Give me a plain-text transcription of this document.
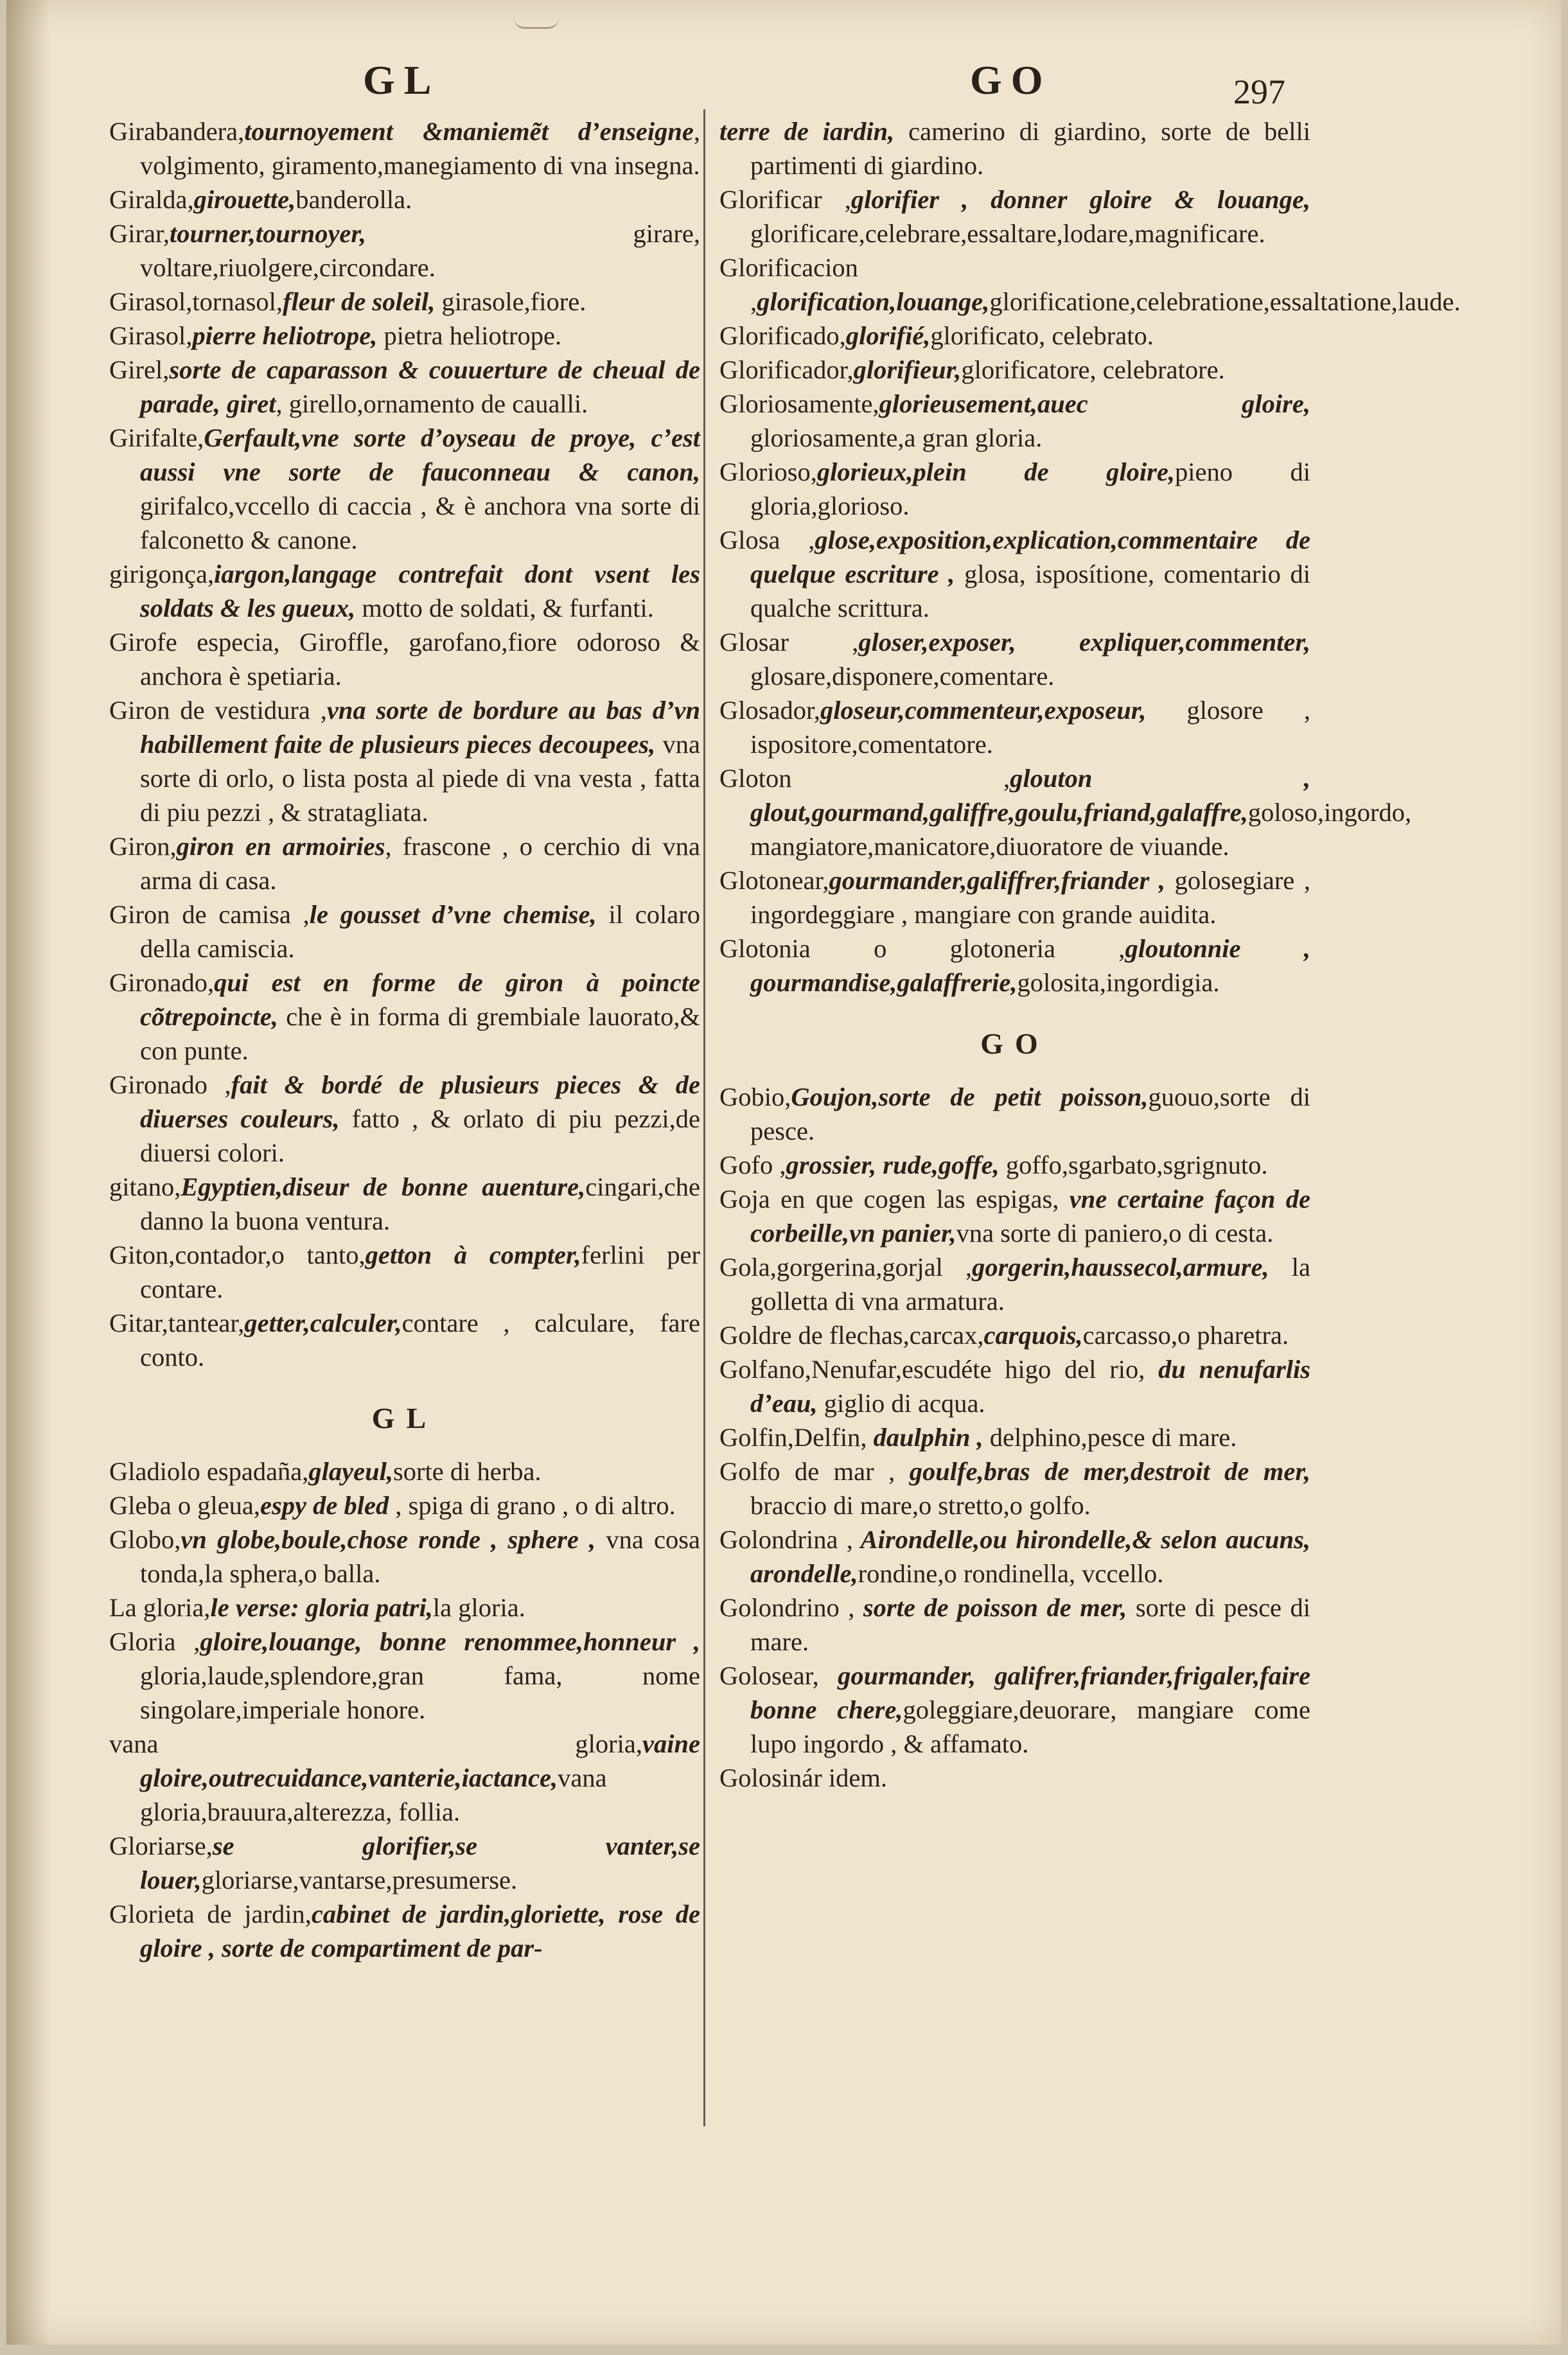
GL	GO	297
Girabandera,tournoyement &maniemẽt d’enseigne, volgimento, giramento,manegiamento di vna insegna.
Giralda,girouette,banderolla.
Girar,tourner,tournoyer, girare, voltare,riuolgere,circondare.
Girasol,tornasol,fleur de soleil, girasole,fiore.
Girasol,pierre heliotrope, pietra heliotrope.
Girel,sorte de caparasson & couuerture de cheual de parade, giret, girello,ornamento de caualli.
Girifalte,Gerfault,vne sorte d’oyseau de proye, c’est aussi vne sorte de fauconneau & canon, girifalco,vccello di caccia , & è anchora vna sorte di falconetto & canone.
girigonça,iargon,langage contrefait dont vsent les soldats & les gueux, motto de soldati, & furfanti.
Girofe especia, Giroffle, garofano,fiore odoroso & anchora è spetiaria.
Giron de vestidura ,vna sorte de bordure au bas d’vn habillement faite de plusieurs pieces decoupees, vna sorte di orlo, o lista posta al piede di vna vesta , fatta di piu pezzi , & stratagliata.
Giron,giron en armoiries, frascone , o cerchio di vna arma di casa.
Giron de camisa ,le gousset d’vne chemise, il colaro della camiscia.
Gironado,qui est en forme de giron à poincte cõtrepoincte, che è in forma di grembiale lauorato,& con punte.
Gironado ,fait & bordé de plusieurs pieces & de diuerses couleurs, fatto , & orlato di piu pezzi,de diuersi colori.
gitano,Egyptien,diseur de bonne auenture,cingari,che danno la buona ventura.
Giton,contador,o tanto,getton à compter,ferlini per contare.
Gitar,tantear,getter,calculer,contare , calculare, fare conto.
GL
Gladiolo espadaña,glayeul,sorte di herba.
Gleba o gleua,espy de bled , spiga di grano , o di altro.
Globo,vn globe,boule,chose ronde , sphere , vna cosa tonda,la sphera,o balla.
La gloria,le verse: gloria patri,la gloria.
Gloria ,gloire,louange, bonne renommee,honneur , gloria,laude,splendore,gran fama, nome singolare,imperiale honore.
vana gloria,vaine gloire,outrecuidance,vanterie,iactance,vana gloria,brauura,alterezza, follia.
Gloriarse,se glorifier,se vanter,se louer,gloriarse,vantarse,presumerse.
Glorieta de jardin,cabinet de jardin,gloriette, rose de gloire , sorte de compartiment de par-
terre de iardin, camerino di giardino, sorte de belli partimenti di giardino.
Glorificar ,glorifier , donner gloire & louange, glorificare,celebrare,essaltare,lodare,magnificare.
Glorificacion ,glorification,louange,glorificatione,celebratione,essaltatione,laude.
Glorificado,glorifié,glorificato, celebrato.
Glorificador,glorifieur,glorificatore, celebratore.
Gloriosamente,glorieusement,auec gloire, gloriosamente,a gran gloria.
Glorioso,glorieux,plein de gloire,pieno di gloria,glorioso.
Glosa ,glose,exposition,explication,commentaire de quelque escriture , glosa, isposítione, comentario di qualche scrittura.
Glosar ,gloser,exposer, expliquer,commenter, glosare,disponere,comentare.
Glosador,gloseur,commenteur,exposeur, glosore , ispositore,comentatore.
Gloton ,glouton , glout,gourmand,galiffre,goulu,friand,galaffre,goloso,ingordo, mangiatore,manicatore,diuoratore de viuande.
Glotonear,gourmander,galiffrer,friander , golosegiare , ingordeggiare , mangiare con grande auidita.
Glotonia o glotoneria ,gloutonnie , gourmandise,galaffrerie,golosita,ingordigia.
GO
Gobio,Goujon,sorte de petit poisson,guouo,sorte di pesce.
Gofo ,grossier, rude,goffe, goffo,sgarbato,sgrignuto.
Goja en que cogen las espigas, vne certaine façon de corbeille,vn panier,vna sorte di paniero,o di cesta.
Gola,gorgerina,gorjal ,gorgerin,haussecol,armure, la golletta di vna armatura.
Goldre de flechas,carcax,carquois,carcasso,o pharetra.
Golfano,Nenufar,escudéte higo del rio, du nenufarlis d’eau, giglio di acqua.
Golfin,Delfin, daulphin , delphino,pesce di mare.
Golfo de mar , goulfe,bras de mer,destroit de mer, braccio di mare,o stretto,o golfo.
Golondrina , Airondelle,ou hirondelle,& selon aucuns, arondelle,rondine,o rondinella, vccello.
Golondrino , sorte de poisson de mer, sorte di pesce di mare.
Golosear, gourmander, galifrer,friander,frigaler,faire bonne chere,goleggiare,deuorare, mangiare come lupo ingordo , & affamato.
Golosinár idem.
